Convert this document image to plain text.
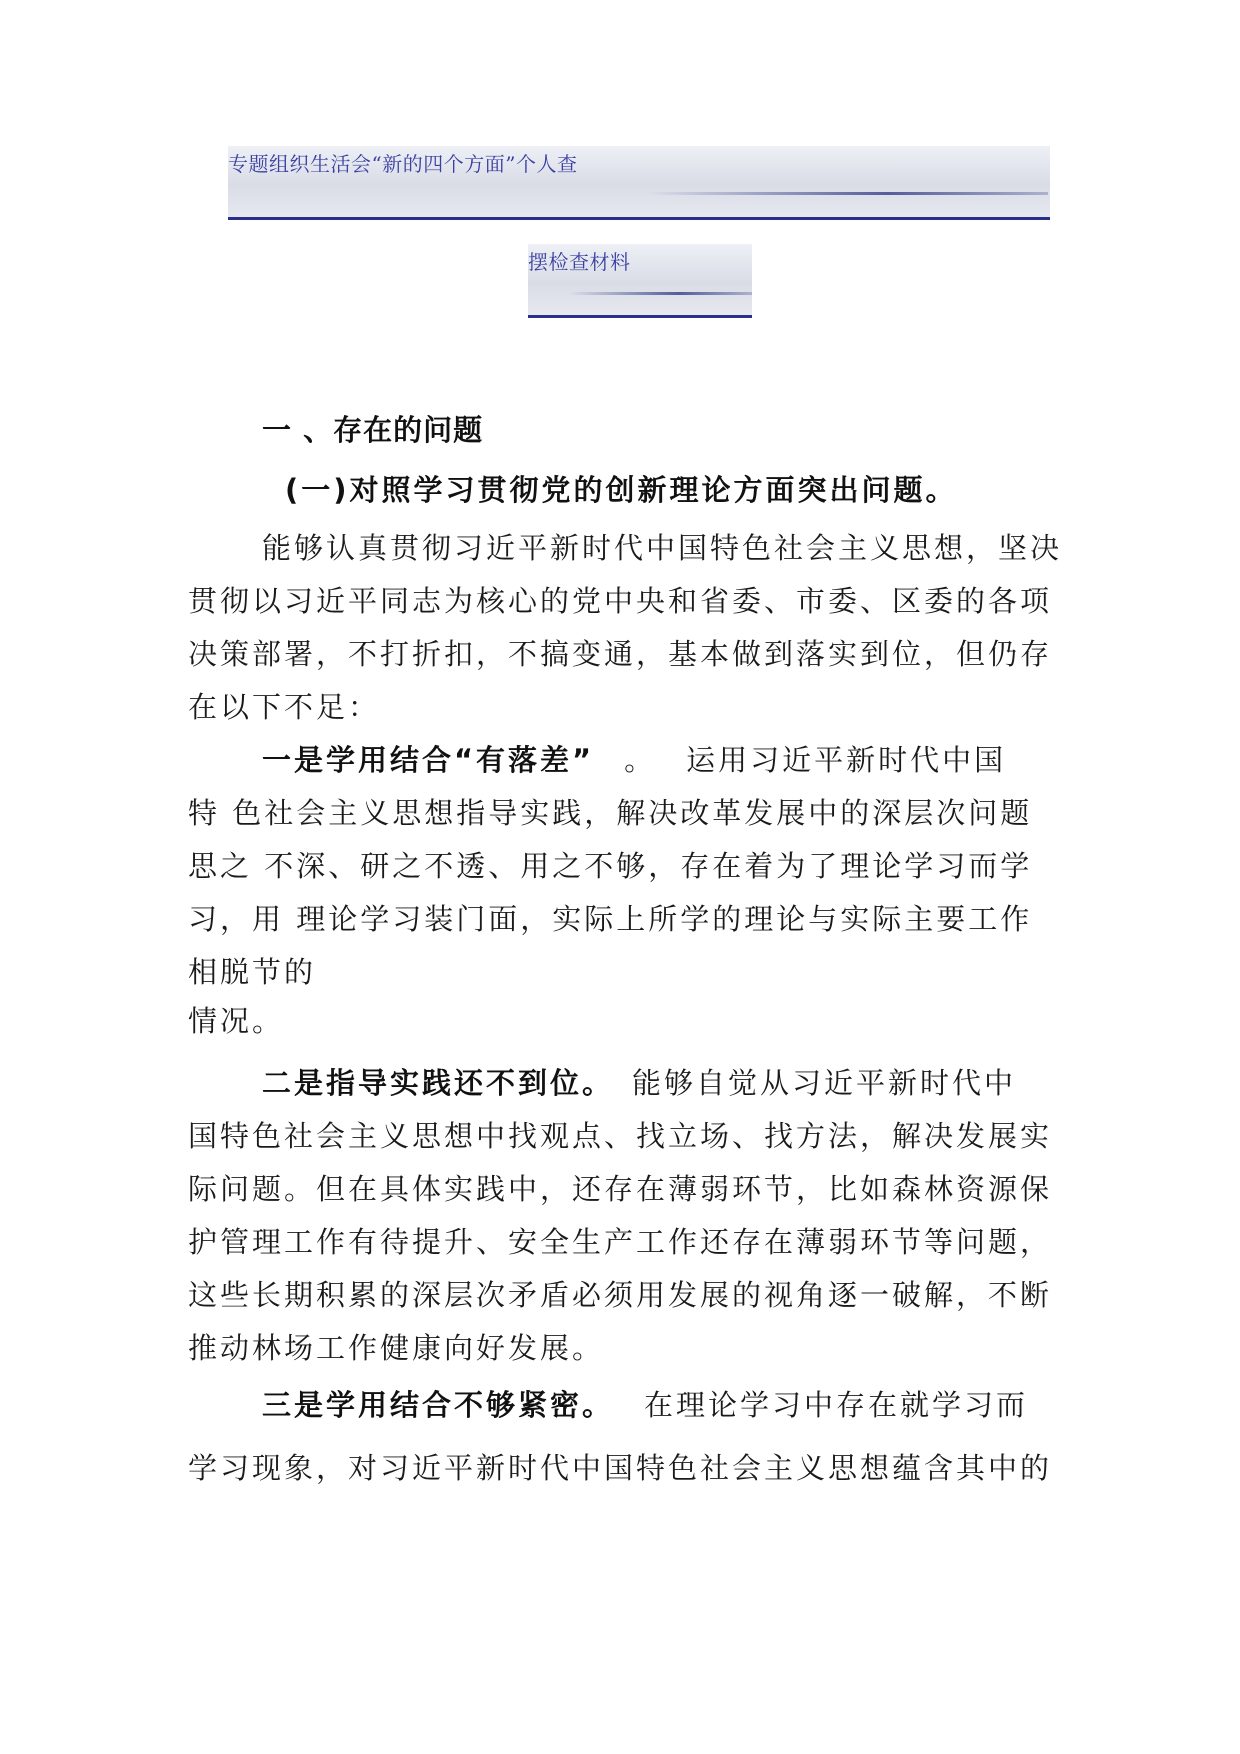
专题组织生活会“新的四个方面”个人查
摆检查材料
一 、存在的问题
(一)对照学习贯彻党的创新理论方面突出问题。
能够认真贯彻习近平新时代中国特色社会主义思想，坚决
贯彻以习近平同志为核心的党中央和省委、市委、区委的各项
决策部署，不打折扣，不搞变通，基本做到落实到位，但仍存
在以下不足：
一是学用结合“有落差” 。 运用习近平新时代中国
特 色社会主义思想指导实践，解决改革发展中的深层次问题
思之 不深、研之不透、用之不够，存在着为了理论学习而学
习，用 理论学习装门面，实际上所学的理论与实际主要工作
相脱节的
情况。
二是指导实践还不到位。 能够自觉从习近平新时代中
国特色社会主义思想中找观点、找立场、找方法，解决发展实
际问题。但在具体实践中，还存在薄弱环节，比如森林资源保
护管理工作有待提升、安全生产工作还存在薄弱环节等问题，
这些长期积累的深层次矛盾必须用发展的视角逐一破解，不断
推动林场工作健康向好发展。
三是学用结合不够紧密。 在理论学习中存在就学习而
学习现象，对习近平新时代中国特色社会主义思想蕴含其中的
